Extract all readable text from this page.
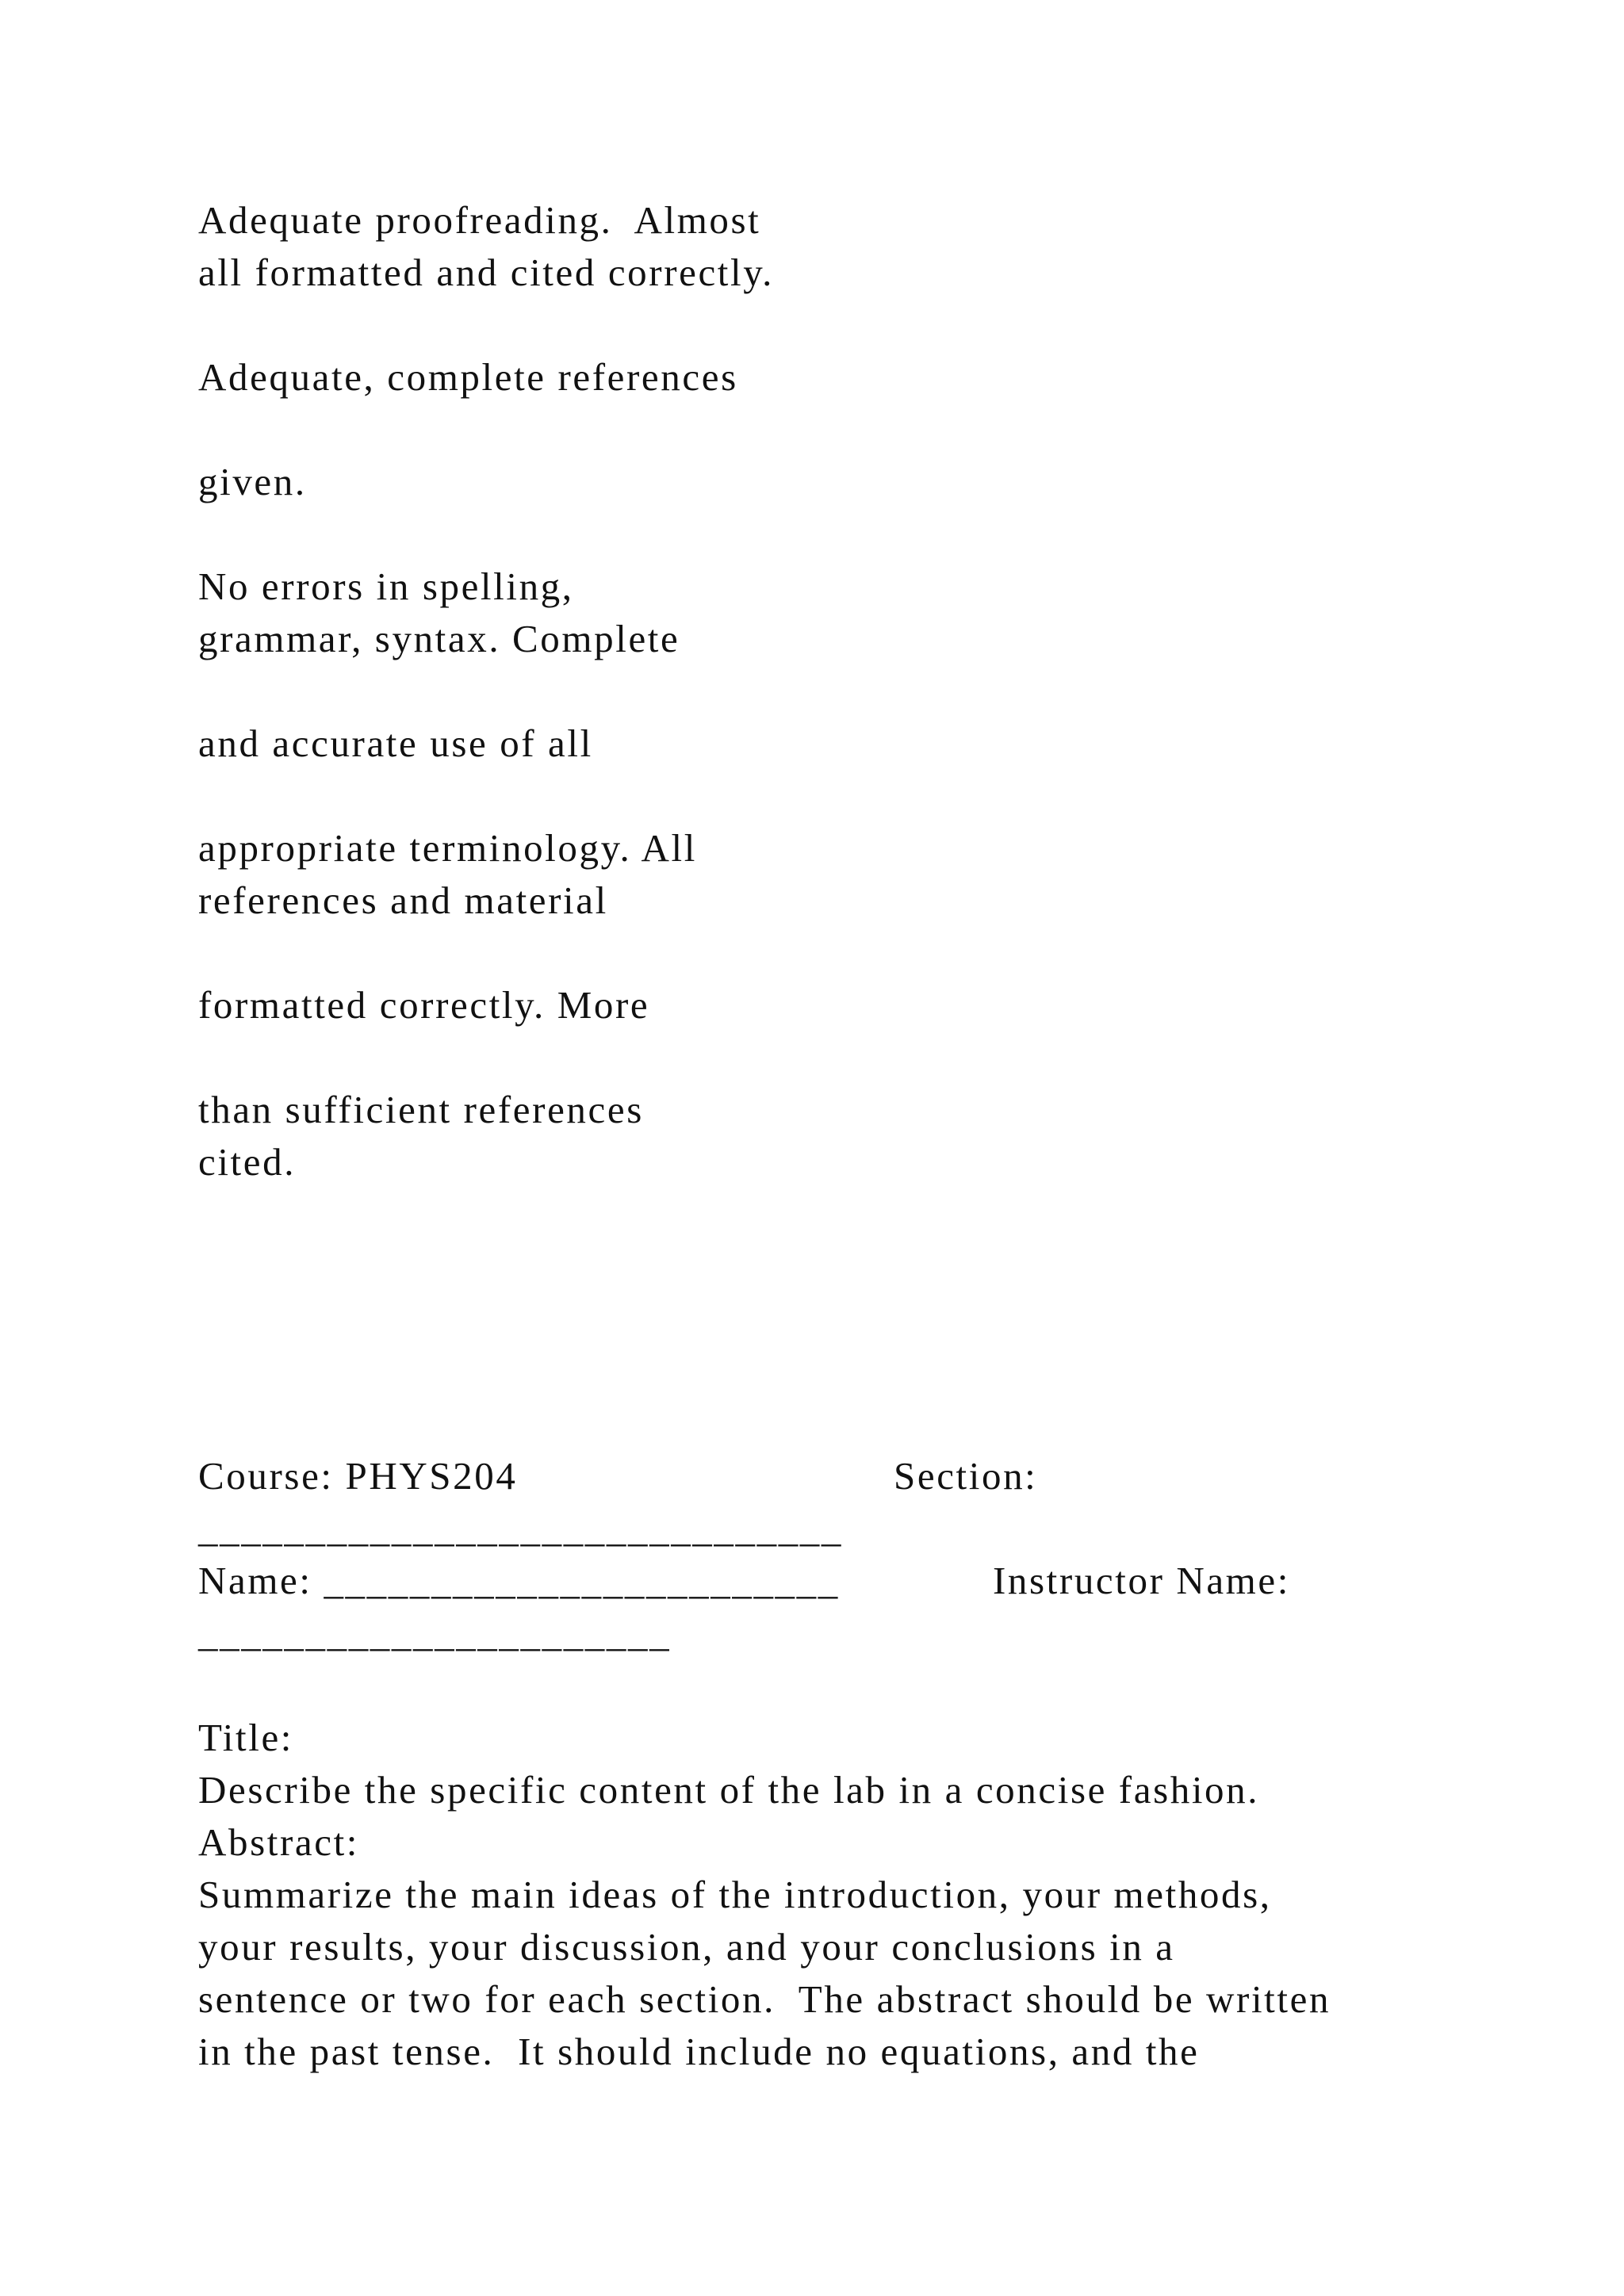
Adequate proofreading.  Almost

all formatted and cited correctly.

Adequate, complete references

given.

No errors in spelling,

grammar, syntax. Complete

and accurate use of all

appropriate terminology. All

references and material

formatted correctly. More

than sufficient references

cited.

Course: PHYS204	Section:

______________________________

Name: ________________________	Instructor Name:

______________________

Title:

Describe the specific content of the lab in a concise fashion.

Abstract:

Summarize the main ideas of the introduction, your methods,

your results, your discussion, and your conclusions in a

sentence or two for each section.  The abstract should be written

in the past tense.  It should include no equations, and the
